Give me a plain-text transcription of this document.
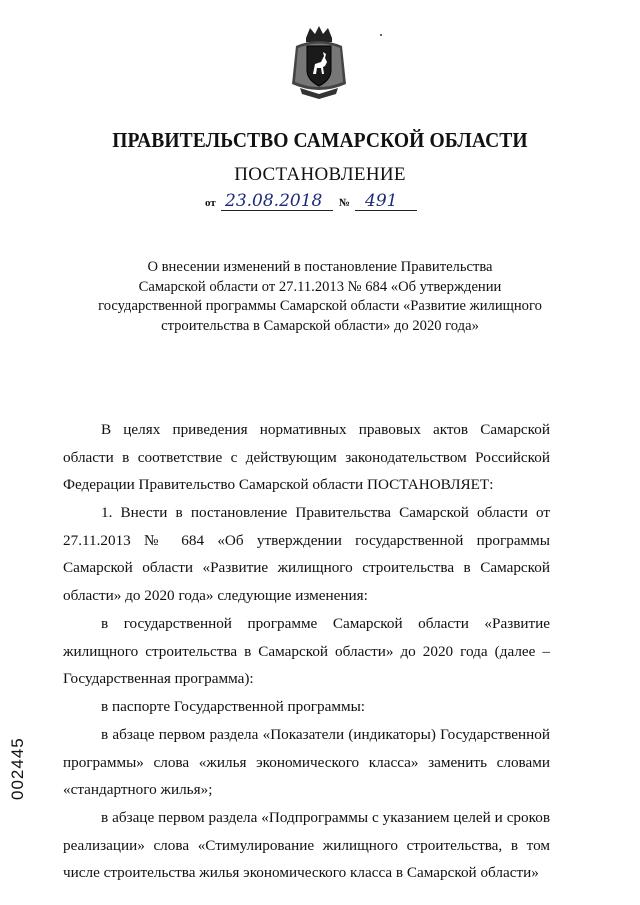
ПРАВИТЕЛЬСТВО САМАРСКОЙ ОБЛАСТИ
ПОСТАНОВЛЕНИЕ
от 23.08.2018 № 491
О внесении изменений в постановление Правительства
Самарской области от 27.11.2013 № 684 «Об утверждении
государственной программы Самарской области «Развитие жилищного
строительства в Самарской области» до 2020 года»
В целях приведения нормативных правовых актов Самарской области в соответствие с действующим законодательством Российской Федерации Правительство Самарской области ПОСТАНОВЛЯЕТ:
1. Внести в постановление Правительства Самарской области от 27.11.2013 № 684 «Об утверждении государственной программы Самарской области «Развитие жилищного строительства в Самарской области» до 2020 года» следующие изменения:
в государственной программе Самарской области «Развитие жилищного строительства в Самарской области» до 2020 года (далее – Государственная программа):
в паспорте Государственной программы:
в абзаце первом раздела «Показатели (индикаторы) Государственной программы» слова «жилья экономического класса» заменить словами «стандартного жилья»;
в абзаце первом раздела «Подпрограммы с указанием целей и сроков реализации» слова «Стимулирование жилищного строительства, в том числе строительства жилья экономического класса в Самарской области»
002445
